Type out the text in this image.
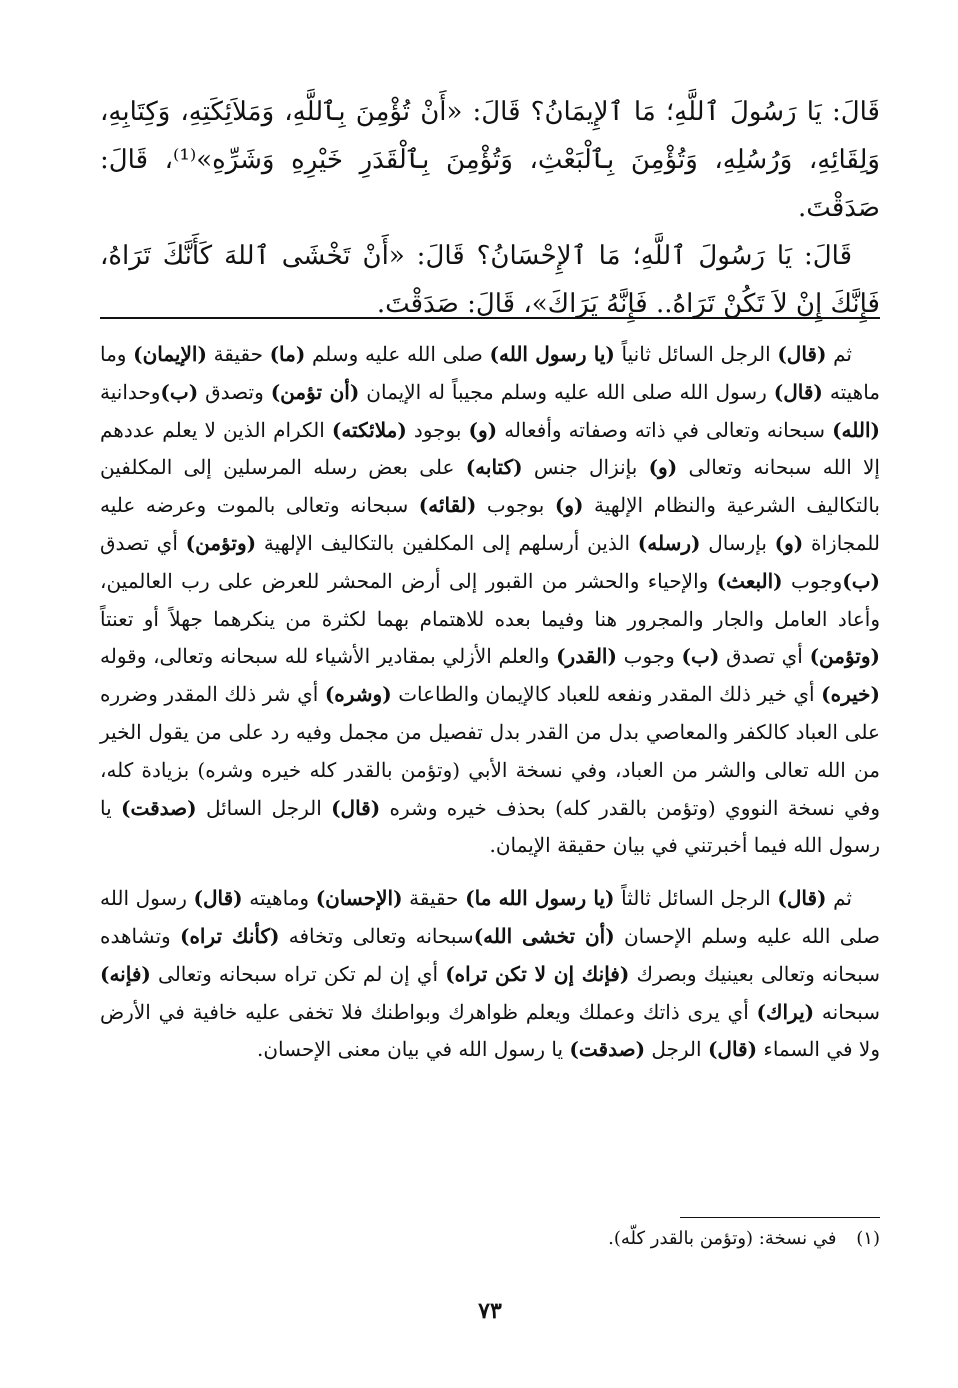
قَالَ: يَا رَسُولَ ٱللَّهِ؛ مَا ٱلإِيمَانُ؟ قَالَ: «أَنْ تُؤْمِنَ بِٱللَّهِ، وَمَلاَئِكَتِهِ، وَكِتَابِهِ، وَلِقَائِهِ، وَرُسُلِهِ، وَتُؤْمِنَ بِٱلْبَعْثِ، وَتُؤْمِنَ بِٱلْقَدَرِ خَيْرِهِ وَشَرِّهِ»⁽¹⁾، قَالَ: صَدَقْتَ.

قَالَ: يَا رَسُولَ ٱللَّهِ؛ مَا ٱلإِحْسَانُ؟ قَالَ: «أَنْ تَخْشَى ٱللهَ كَأَنَّكَ تَرَاهُ، فَإِنَّكَ إِنْ لاَ تَكُنْ تَرَاهُ.. فَإِنَّهُ يَرَاكَ»، قَالَ: صَدَقْتَ.

ثم (قال) الرجل السائل ثانياً (يا رسول الله) صلى الله عليه وسلم (ما) حقيقة (الإيمان) وما ماهيته (قال) رسول الله صلى الله عليه وسلم مجيباً له الإيمان (أن تؤمن) وتصدق (ب)وحدانية (الله) سبحانه وتعالى في ذاته وصفاته وأفعاله (و) بوجود (ملائكته) الكرام الذين لا يعلم عددهم إلا الله سبحانه وتعالى (و) بإنزال جنس (كتابه) على بعض رسله المرسلين إلى المكلفين بالتكاليف الشرعية والنظام الإلهية (و) بوجوب (لقائه) سبحانه وتعالى بالموت وعرضه عليه للمجازاة (و) بإرسال (رسله) الذين أرسلهم إلى المكلفين بالتكاليف الإلهية (وتؤمن) أي تصدق (ب)وجوب (البعث) والإحياء والحشر من القبور إلى أرض المحشر للعرض على رب العالمين، وأعاد العامل والجار والمجرور هنا وفيما بعده للاهتمام بهما لكثرة من ينكرهما جهلاً أو تعنتاً (وتؤمن) أي تصدق (ب) وجوب (القدر) والعلم الأزلي بمقادير الأشياء لله سبحانه وتعالى، وقوله (خيره) أي خير ذلك المقدر ونفعه للعباد كالإيمان والطاعات (وشره) أي شر ذلك المقدر وضرره على العباد كالكفر والمعاصي بدل من القدر بدل تفصيل من مجمل وفيه رد على من يقول الخير من الله تعالى والشر من العباد، وفي نسخة الأبي (وتؤمن بالقدر كله خيره وشره) بزيادة كله، وفي نسخة النووي (وتؤمن بالقدر كله) بحذف خيره وشره (قال) الرجل السائل (صدقت) يا رسول الله فيما أخبرتني في بيان حقيقة الإيمان.

ثم (قال) الرجل السائل ثالثاً (يا رسول الله ما) حقيقة (الإحسان) وماهيته (قال) رسول الله صلى الله عليه وسلم الإحسان (أن تخشى الله)سبحانه وتعالى وتخافه (كأنك تراه) وتشاهده سبحانه وتعالى بعينيك وبصرك (فإنك إن لا تكن تراه) أي إن لم تكن تراه سبحانه وتعالى (فإنه) سبحانه (يراك) أي يرى ذاتك وعملك ويعلم ظواهرك وبواطنك فلا تخفى عليه خافية في الأرض ولا في السماء (قال) الرجل (صدقت) يا رسول الله في بيان معنى الإحسان.

(١) في نسخة: (وتؤمن بالقدر كلّه).
٧٣
